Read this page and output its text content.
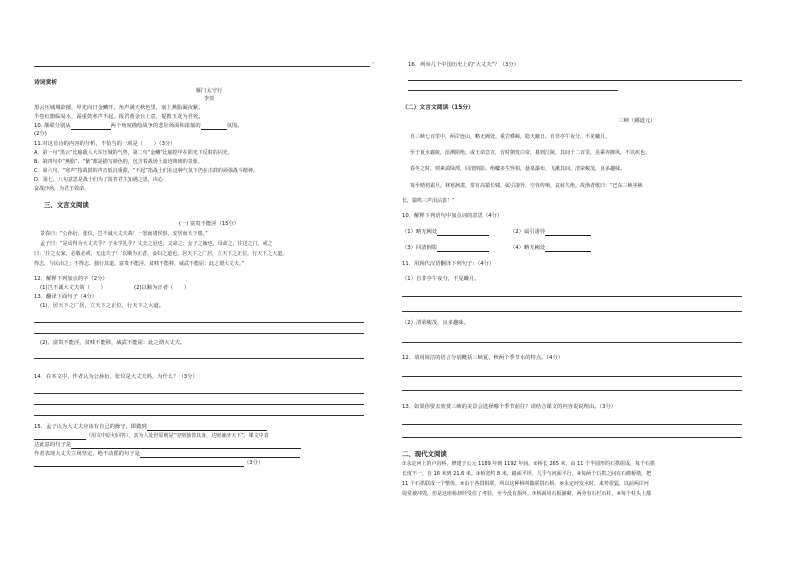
。
诗词赏析
雁门太守行
李贺
黑云压城城欲摧，甲光向日金鳞开。角声满天秋色里，塞上燕脂凝夜紫。
半卷红旗临易水，霜重鼓寒声不起。报君黄金台上意，提携玉龙为君死。
10. 颔联分别从	两个角度描绘战争的悲壮场面和浓郁的	氛围。
(2分)
11.对这首诗的内容的分析，不恰当的一项是（　　）（3分）
A．第一句“黑云”比喻敌人大军压城的气势，第二句“金鳞”比喻铠甲在阳光下反射的闪光。
B．第四句中“燕脂”、“紫”都是描写颜色的，包含着战场上血迹斑斑的景象。
C．第六句，“寒声”指战鼓的声音低沉重滞，“不起”指战士们在这种气氛下仍在击鼓的顽强战斗精神。
D．第七、八句意思是战士们为了报答君主知遇之恩，决心
奋战沙场，为君王效命。
三、文言文阅读
(一) 富贵不能淫（15分）
景春曰：“公孙衍、张仪，岂不诚大丈夫哉！一怒而诸侯惧，安居而天下熄。”
孟子曰：“是焉得为大丈夫乎？子未学礼乎？丈夫之冠也，父命之；女子之嫁也，母命之，往送之门，戒之
曰：‘往之女家，必敬必戒，无违夫子！’以顺为正者，妾妇之道也。居天下之广居，立天下之正位，行天下之大道。
得志，与民由之；不得志，独行其道。富贵不能淫，贫贱不能移，威武不能屈：此之谓大丈夫。”
12．解释下列加点的字（2分）
(1)岂不诚大丈夫哉（　　）	(2)以顺为正者（　　）
13．翻译下面句子（4分）
(1)、居天下之广居，立天下之正位，行天下之大道。
(2)、富贵不能淫，贫贱不能移，威武不能屈：此之谓大丈夫。
14．在本文中，作者认为公孙衍、张仪是大丈夫吗，为什么？（3分）
15．孟子认为大丈夫应该有自己的操守，即做到
（用文中原句回答），其为人处世原则是“穷则独善其身，达则兼济天下”，课文中表
达此意的句子是
作者表现大丈夫立场坚定，绝不动摇的句子是
（3分）
16．列举几个中国历史上的“大丈夫”？（3分）
（二）文言文阅读（15分）
三峡（郦道元）
自三峡七百里中，两岸连山，略无阙处。重岩叠嶂，隐天蔽日。自非亭午夜分，不见曦月。
至于夏水襄陵，沿溯阻绝。或王命急宣，有时朝发白帝，暮到江陵，其间千二百里，虽乘奔御风，不以疾也。
春冬之时，则素湍绿潭，回清倒影。绝巘多生怪柏，悬泉瀑布，飞漱其间。清荣峻茂，良多趣味。
每至晴初霜旦，林寒涧肃，常有高猿长啸，属引凄异，空谷传响，哀转久绝。故渔者歌曰：“巴东三峡巫峡
长，猿鸣三声泪沾裳！”
10．解释下列语句中加点词的意思（4分）
（1）略无阙处	（2）属引凄异
（3）回清倒影	（4）略无阙处
11．用现代汉语翻译下列句子：（4分）
（1）自非亭午夜分，不见曦月。
（2）清荣峻茂，良多趣味。
12．请用简洁的语言分别概括三峡夏、秋两个季节水的特点。（4分）
13．如果你要去欣赏三峡的美景会选择哪个季节前往？请结合课文的内容说说理由。（3分）
二、现代文阅读
①永定河上的卢沟桥，修建于公元 1189 年到 1192 年间。②桥长 265 米，由 11 个半圆形的石拱组成，每个石拱
长度不一，自 16 米到 21.6 米。③桥宽约 8 米，路面平坦，几乎与河面平行。④每两个石拱之间有石砌桥墩，把
11 个石拱联成一个整体。⑤由于各拱相联，所以这种桥叫做联拱石桥。⑥永定河发水时，来势很猛，以前两岸河
堤常被冲毁，但是这座桥却经受住了考验，至今没有损坏。⑦桥面用石板铺砌，两旁有石栏石柱。⑧每个柱头上都
